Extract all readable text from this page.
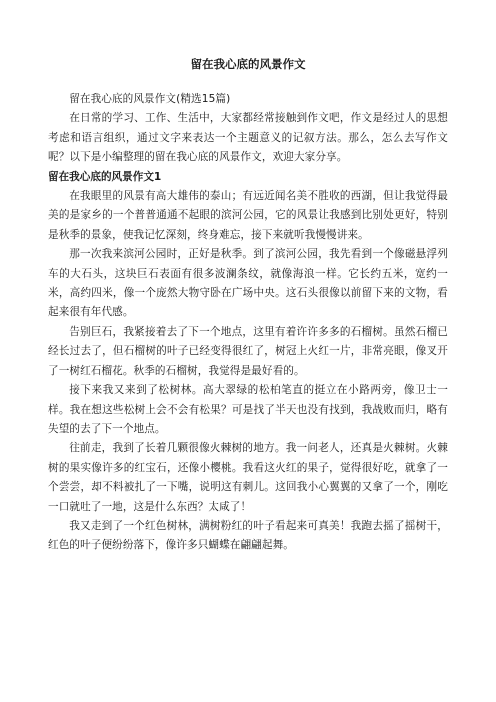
留在我心底的风景作文

留在我心底的风景作文(精选15篇)

在日常的学习、工作、生活中，大家都经常接触到作文吧，作文是经过人的思想考虑和语言组织，通过文字来表达一个主题意义的记叙方法。那么，怎么去写作文呢？以下是小编整理的留在我心底的风景作文，欢迎大家分享。

留在我心底的风景作文1

在我眼里的风景有高大雄伟的泰山；有远近闻名美不胜收的西湖，但让我觉得最美的是家乡的一个普普通通不起眼的滨河公园，它的风景让我感到比别处更好，特别是秋季的景象，使我记忆深刻，终身难忘，接下来就听我慢慢讲来。

那一次我来滨河公园时，正好是秋季。到了滨河公园，我先看到一个像磁悬浮列车的大石头，这块巨石表面有很多波澜条纹，就像海浪一样。它长约五米，宽约一米，高约四米，像一个庞然大物守卧在广场中央。这石头很像以前留下来的文物，看起来很有年代感。

告别巨石，我紧接着去了下一个地点，这里有着许许多多的石榴树。虽然石榴已经长过去了，但石榴树的叶子已经变得很红了，树冠上火红一片，非常亮眼，像叉开了一树红石榴花。秋季的石榴树，我觉得是最好看的。

接下来我又来到了松树林。高大翠绿的松柏笔直的挺立在小路两旁，像卫士一样。我在想这些松树上会不会有松果？可是找了半天也没有找到，我战败而归，略有失望的去了下一个地点。

往前走，我到了长着几颗很像火棘树的地方。我一问老人，还真是火棘树。火棘树的果实像许多的红宝石，还像小樱桃。我看这火红的果子，觉得很好吃，就拿了一个尝尝，却不料被扎了一下嘴，说明这有刺儿。这回我小心翼翼的又拿了一个，刚吃一口就吐了一地，这是什么东西？太咸了！

我又走到了一个红色树林，满树粉红的叶子看起来可真美！我跑去摇了摇树干，红色的叶子便纷纷落下，像许多只蝴蝶在翩翩起舞。
